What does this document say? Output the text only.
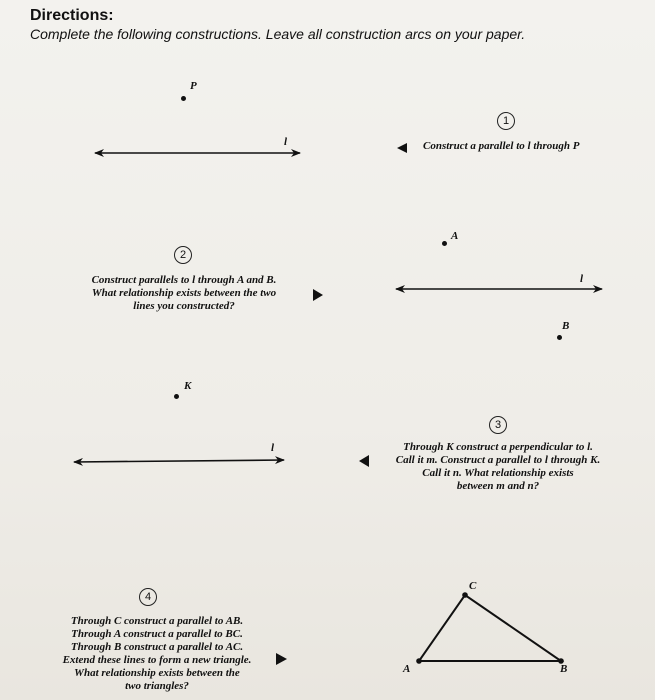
Directions:
Complete the following constructions. Leave all construction arcs on your paper.
P
l
1
Construct a parallel to l through P
2
Construct parallels to l through A and B.
What relationship exists between the two
lines you constructed?
A
l
B
K
l
3
Through K construct a perpendicular to l.
Call it m. Construct a parallel to l through K.
Call it n. What relationship exists
between m and n?
4
Through C construct a parallel to AB.
Through A construct a parallel to BC.
Through B construct a parallel to AC.
Extend these lines to form a new triangle.
What relationship exists between the
two triangles?
C
A	B
